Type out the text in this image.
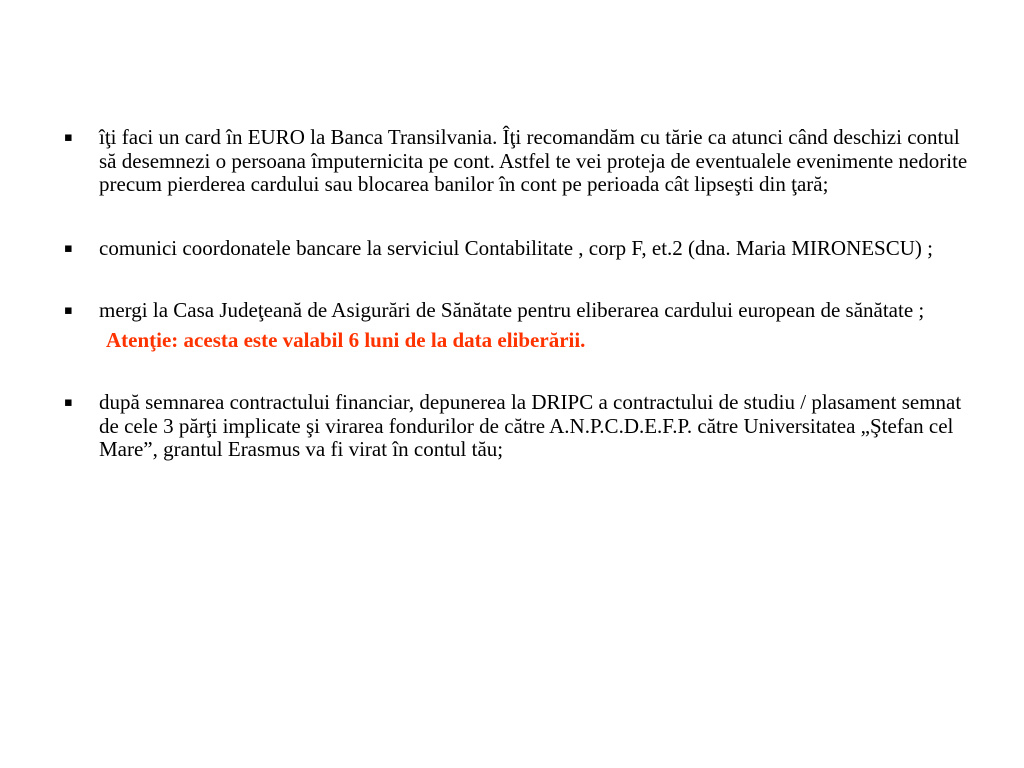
▪ îţi faci un card în EURO la Banca Transilvania. Îţi recomandăm cu tărie ca atunci când deschizi contul să desemnezi o persoana împuternicita pe cont. Astfel te vei proteja de eventualele evenimente nedorite precum pierderea cardului sau blocarea banilor în cont pe perioada cât lipseşti din ţară;
▪ comunici coordonatele bancare la serviciul Contabilitate , corp F, et.2 (dna. Maria MIRONESCU) ;
▪ mergi la Casa Judeţeană de Asigurări de Sănătate pentru eliberarea cardului european de sănătate ;
Atenţie: acesta este valabil 6 luni de la data eliberării.
▪ după semnarea contractului financiar, depunerea la DRIPC a contractului de studiu / plasament semnat de cele 3 părţi implicate şi virarea fondurilor de către A.N.P.C.D.E.F.P. către Universitatea „Ştefan cel Mare”, grantul Erasmus va fi virat în contul tău;
